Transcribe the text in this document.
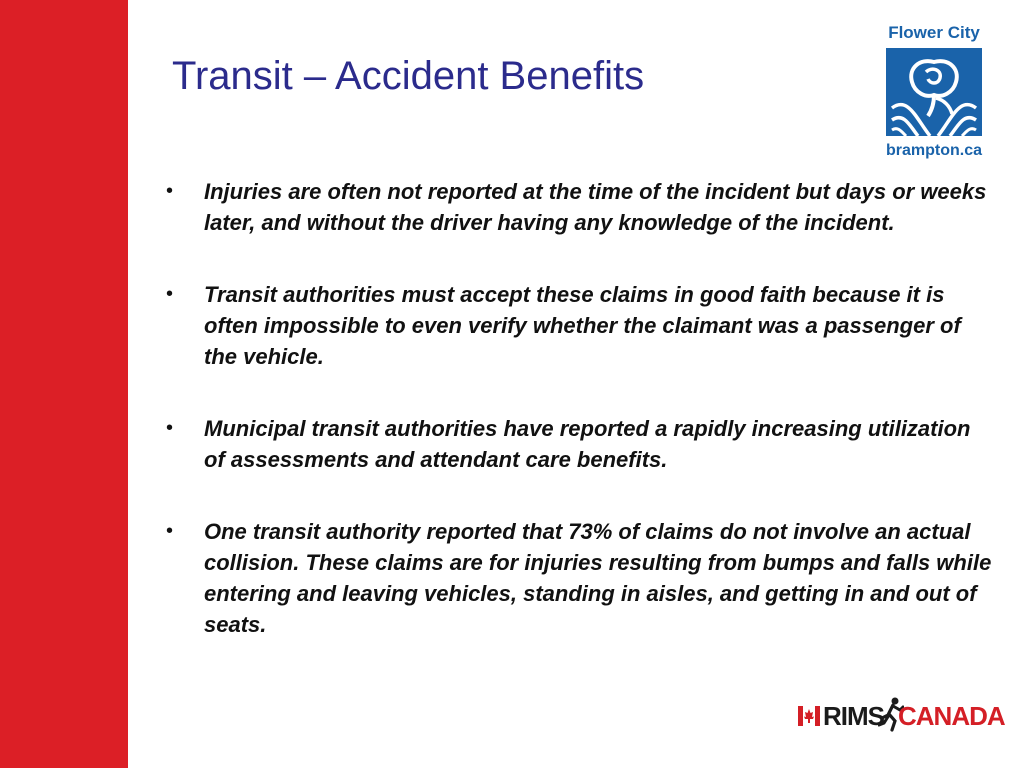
Transit – Accident Benefits
Flower City
brampton.ca
• Injuries are often not reported at the time of the incident but days or weeks later, and without the driver having any knowledge of the incident.
• Transit authorities must accept these claims in good faith because it is often impossible to even verify whether the claimant was a passenger of the vehicle.
• Municipal transit authorities have reported a rapidly increasing utilization of assessments and attendant care benefits.
• One transit authority reported that 73% of claims do not involve an actual collision. These claims are for injuries resulting from bumps and falls while entering and leaving vehicles, standing in aisles, and getting in and out of seats.
RIMS CANADA
